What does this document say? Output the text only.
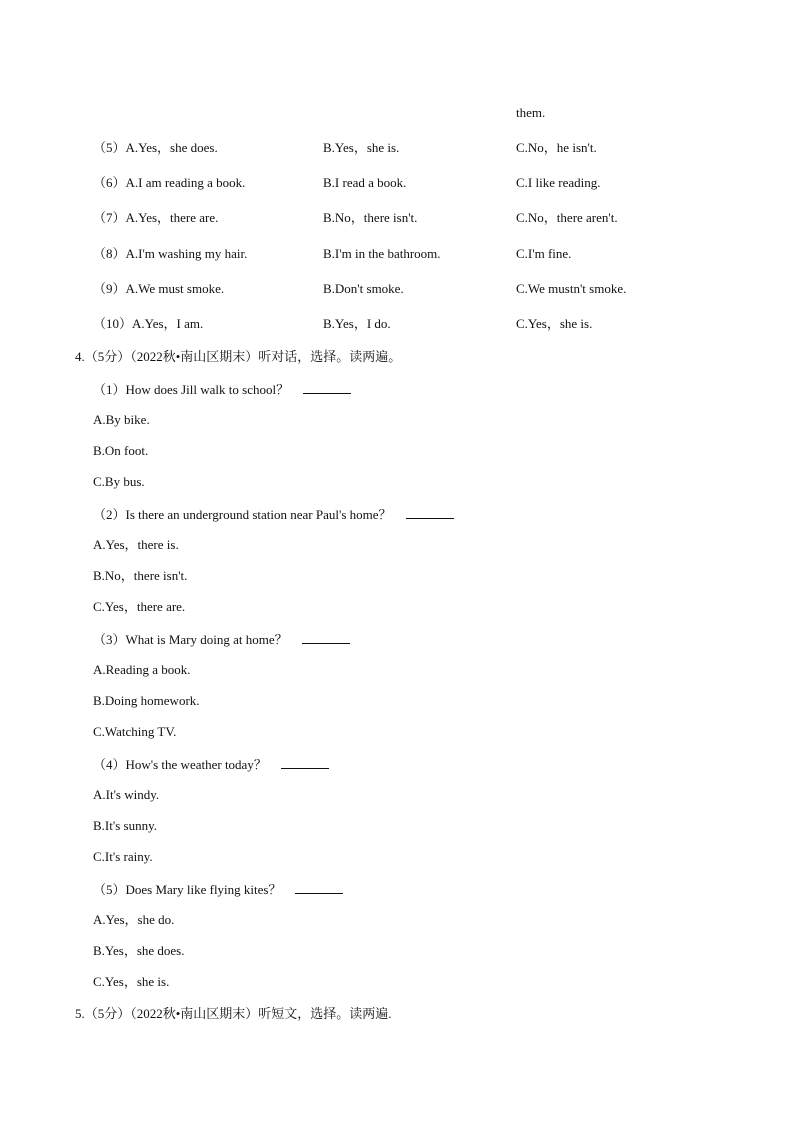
them.
（5）A.Yes，she does.	B.Yes，she is.	C.No，he isn't.
（6）A.I am reading a book.	B.I read a book.	C.I like reading.
（7）A.Yes，there are.	B.No，there isn't.	C.No，there aren't.
（8）A.I'm washing my hair.	B.I'm in the bathroom.	C.I'm fine.
（9）A.We must smoke.	B.Don't smoke.	C.We mustn't smoke.
（10）A.Yes，I am.	B.Yes，I do.	C.Yes，she is.
4.（5分）（2022秋•南山区期末）听对话，选择。读两遍。
（1）How does Jill walk to school？
A.By bike.
B.On foot.
C.By bus.
（2）Is there an underground station near Paul's home？
A.Yes，there is.
B.No，there isn't.
C.Yes，there are.
（3）What is Mary doing at home？
A.Reading a book.
B.Doing homework.
C.Watching TV.
（4）How's the weather today？
A.It's windy.
B.It's sunny.
C.It's rainy.
（5）Does Mary like flying kites？
A.Yes，she do.
B.Yes，she does.
C.Yes，she is.
5.（5分）（2022秋•南山区期末）听短文，选择。读两遍.
